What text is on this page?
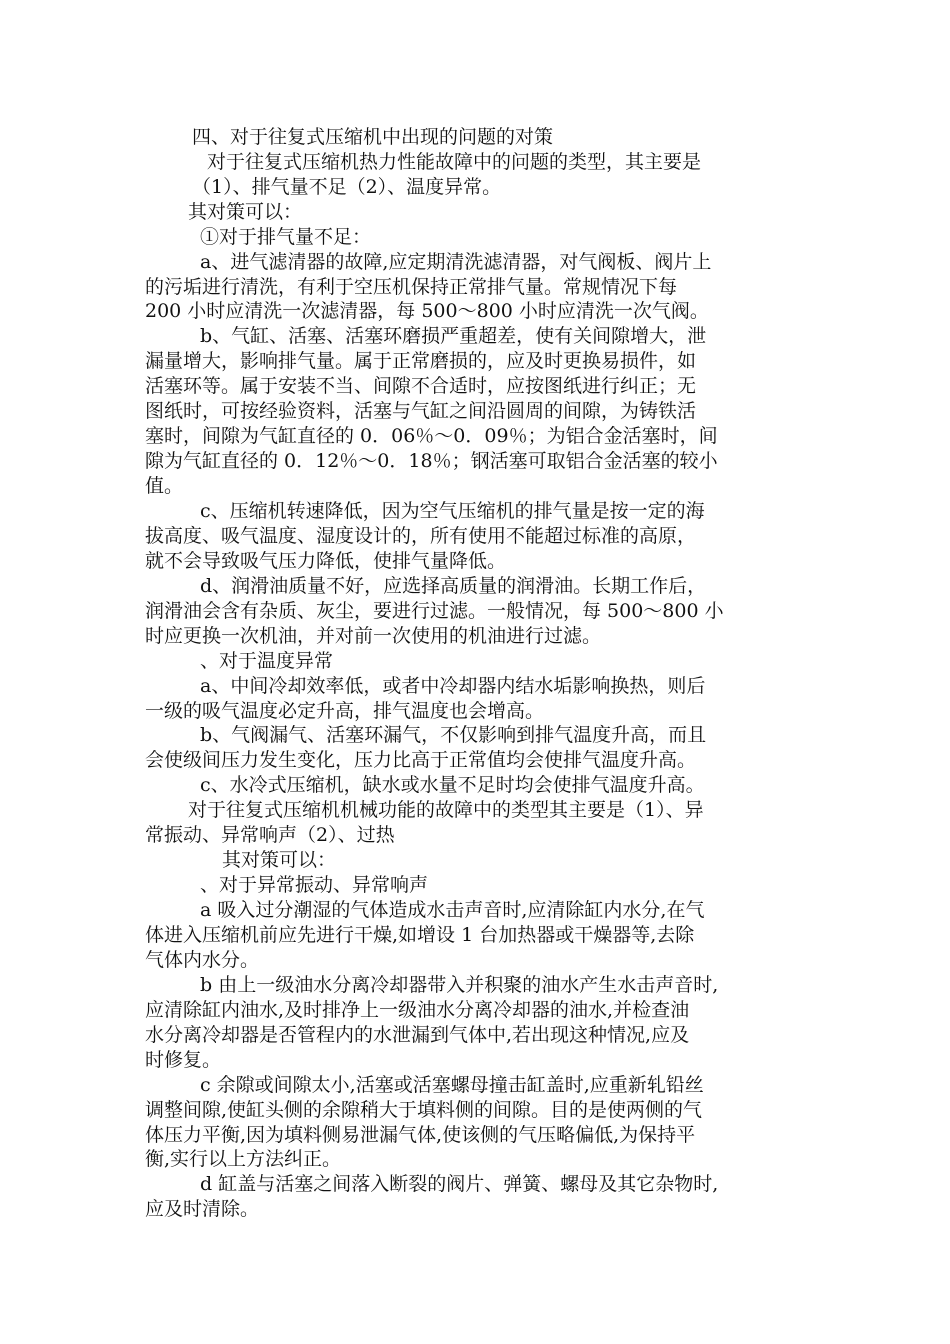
四、对于往复式压缩机中出现的问题的对策

对于往复式压缩机热力性能故障中的问题的类型，其主要是

（1）、排气量不足（2）、温度异常。

其对策可以：

①对于排气量不足：

a、进气滤清器的故障,应定期清洗滤清器，对气阀板、阀片上

的污垢进行清洗，有利于空压机保持正常排气量。常规情况下每

200 小时应清洗一次滤清器，每 500～800 小时应清洗一次气阀。

b、气缸、活塞、活塞环磨损严重超差，使有关间隙增大，泄

漏量增大，影响排气量。属于正常磨损的，应及时更换易损件，如

活塞环等。属于安装不当、间隙不合适时，应按图纸进行纠正；无

图纸时，可按经验资料，活塞与气缸之间沿圆周的间隙，为铸铁活

塞时，间隙为气缸直径的 0．06％～0．09％；为铝合金活塞时，间

隙为气缸直径的 0．12％～0．18％；钢活塞可取铝合金活塞的较小

值。

c、压缩机转速降低，因为空气压缩机的排气量是按一定的海

拔高度、吸气温度、湿度设计的，所有使用不能超过标准的高原，

就不会导致吸气压力降低，使排气量降低。

d、润滑油质量不好，应选择高质量的润滑油。长期工作后，

润滑油会含有杂质、灰尘，要进行过滤。一般情况，每 500～800 小

时应更换一次机油，并对前一次使用的机油进行过滤。

、对于温度异常

a、中间冷却效率低，或者中冷却器内结水垢影响换热，则后

一级的吸气温度必定升高，排气温度也会增高。

b、气阀漏气、活塞环漏气，不仅影响到排气温度升高，而且

会使级间压力发生变化，压力比高于正常值均会使排气温度升高。

c、水冷式压缩机，缺水或水量不足时均会使排气温度升高。

对于往复式压缩机机械功能的故障中的类型其主要是（1）、异

常振动、异常响声（2）、过热

其对策可以：

、对于异常振动、异常响声

a 吸入过分潮湿的气体造成水击声音时,应清除缸内水分,在气

体进入压缩机前应先进行干燥,如增设 1 台加热器或干燥器等,去除

气体内水分。

b 由上一级油水分离冷却器带入并积聚的油水产生水击声音时,

应清除缸内油水,及时排净上一级油水分离冷却器的油水,并检查油

水分离冷却器是否管程内的水泄漏到气体中,若出现这种情况,应及

时修复。

c 余隙或间隙太小,活塞或活塞螺母撞击缸盖时,应重新轧铅丝

调整间隙,使缸头侧的余隙稍大于填料侧的间隙。目的是使两侧的气

体压力平衡,因为填料侧易泄漏气体,使该侧的气压略偏低,为保持平

衡,实行以上方法纠正。

d 缸盖与活塞之间落入断裂的阀片、弹簧、螺母及其它杂物时,

应及时清除。
